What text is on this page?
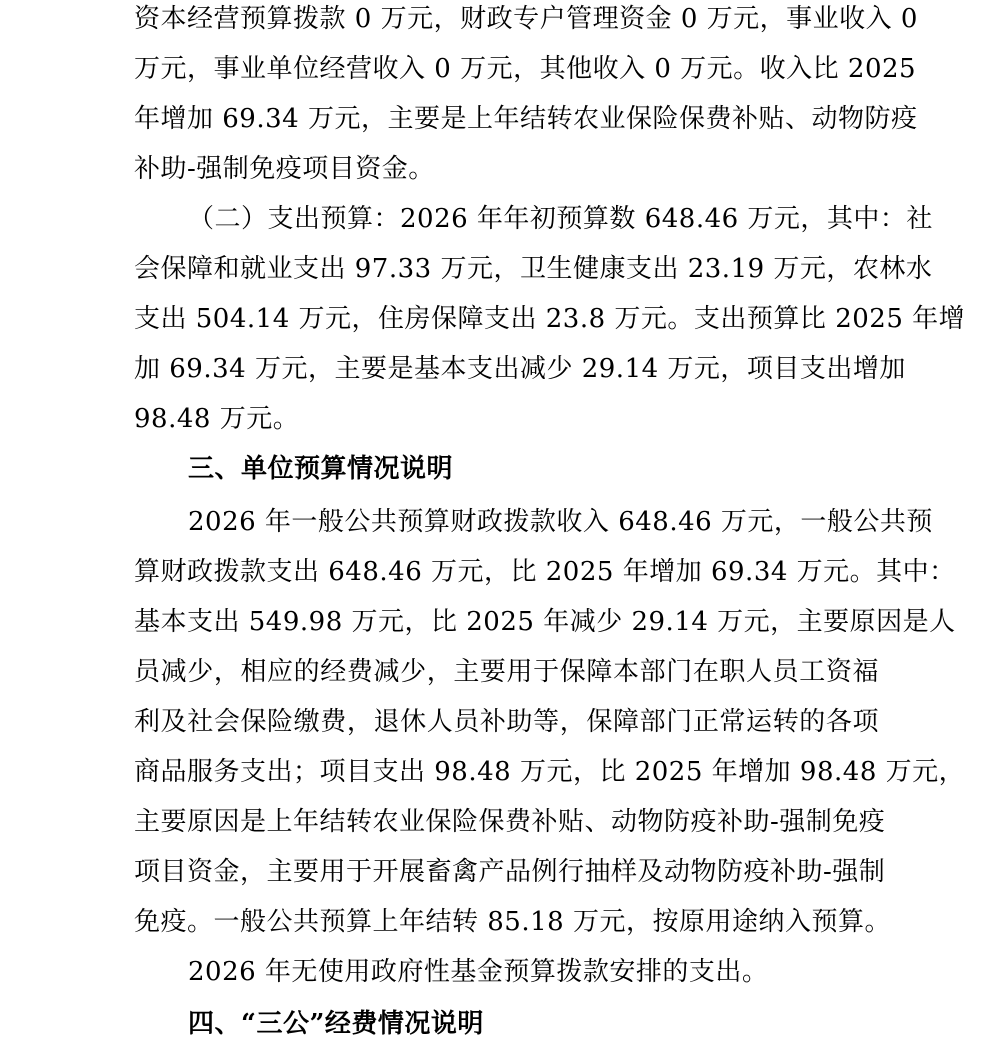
资本经营预算拨款 0 万元，财政专户管理资金 0 万元，事业收入 0
万元，事业单位经营收入 0 万元，其他收入 0 万元。收入比 2025
年增加 69.34 万元，主要是上年结转农业保险保费补贴、动物防疫
补助-强制免疫项目资金。
（二）支出预算：2026 年年初预算数 648.46 万元，其中：社
会保障和就业支出 97.33 万元，卫生健康支出 23.19 万元，农林水
支出 504.14 万元，住房保障支出 23.8 万元。支出预算比 2025 年增
加 69.34 万元，主要是基本支出减少 29.14 万元，项目支出增加
98.48 万元。
三、单位预算情况说明
2026 年一般公共预算财政拨款收入 648.46 万元，一般公共预
算财政拨款支出 648.46 万元，比 2025 年增加 69.34 万元。其中：
基本支出 549.98 万元，比 2025 年减少 29.14 万元，主要原因是人
员减少，相应的经费减少，主要用于保障本部门在职人员工资福
利及社会保险缴费，退休人员补助等，保障部门正常运转的各项
商品服务支出；项目支出 98.48 万元，比 2025 年增加 98.48 万元，
主要原因是上年结转农业保险保费补贴、动物防疫补助-强制免疫
项目资金，主要用于开展畜禽产品例行抽样及动物防疫补助-强制
免疫。一般公共预算上年结转 85.18 万元，按原用途纳入预算。
2026 年无使用政府性基金预算拨款安排的支出。
四、“三公”经费情况说明
